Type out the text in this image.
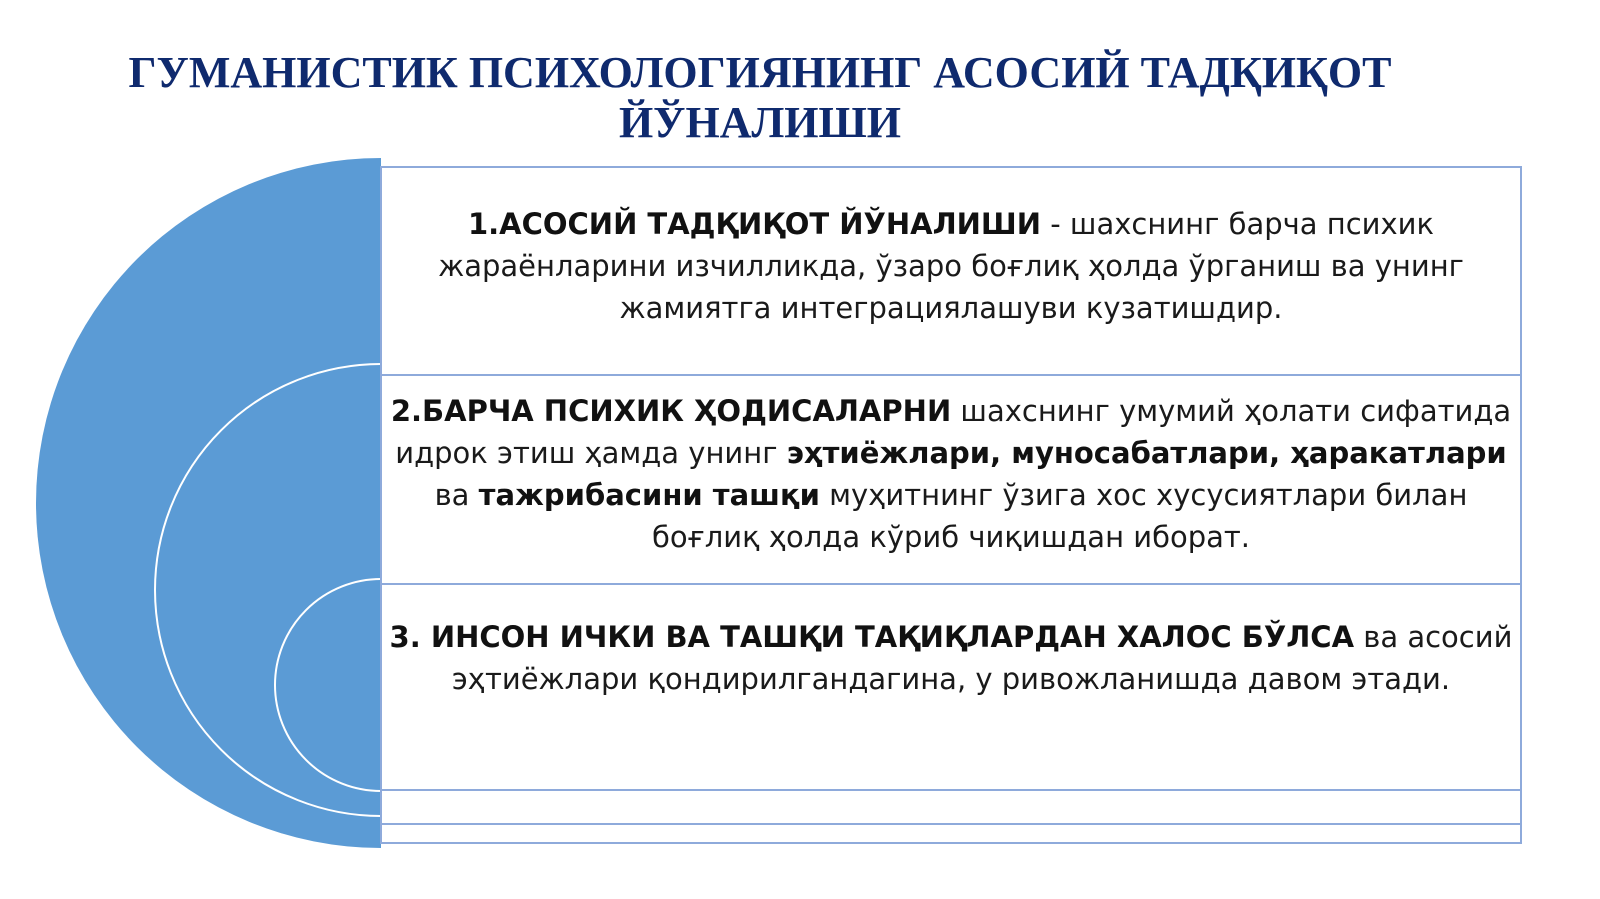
ГУМАНИСТИК ПСИХОЛОГИЯНИНГ АСОСИЙ ТАДҚИҚОТ
ЙЎНАЛИШИ

1.АСОСИЙ ТАДҚИҚОТ ЙЎНАЛИШИ - шахснинг барча психик жараёнларини изчилликда, ўзаро боғлиқ ҳолда ўрганиш ва унинг жамиятга интеграциялашуви кузатишдир.

2.БАРЧА ПСИХИК ҲОДИСАЛАРНИ шахснинг умумий ҳолати сифатида идрок этиш ҳамда унинг эҳтиёжлари, муносабатлари, ҳаракатлари ва тажрибасини ташқи муҳитнинг ўзига хос хусусиятлари билан боғлиқ ҳолда кўриб чиқишдан иборат.

3. ИНСОН ИЧКИ ВА ТАШҚИ ТАҚИҚЛАРДАН ХАЛОС БЎЛСА ва асосий эҳтиёжлари қондирилгандагина, у ривожланишда давом этади.
